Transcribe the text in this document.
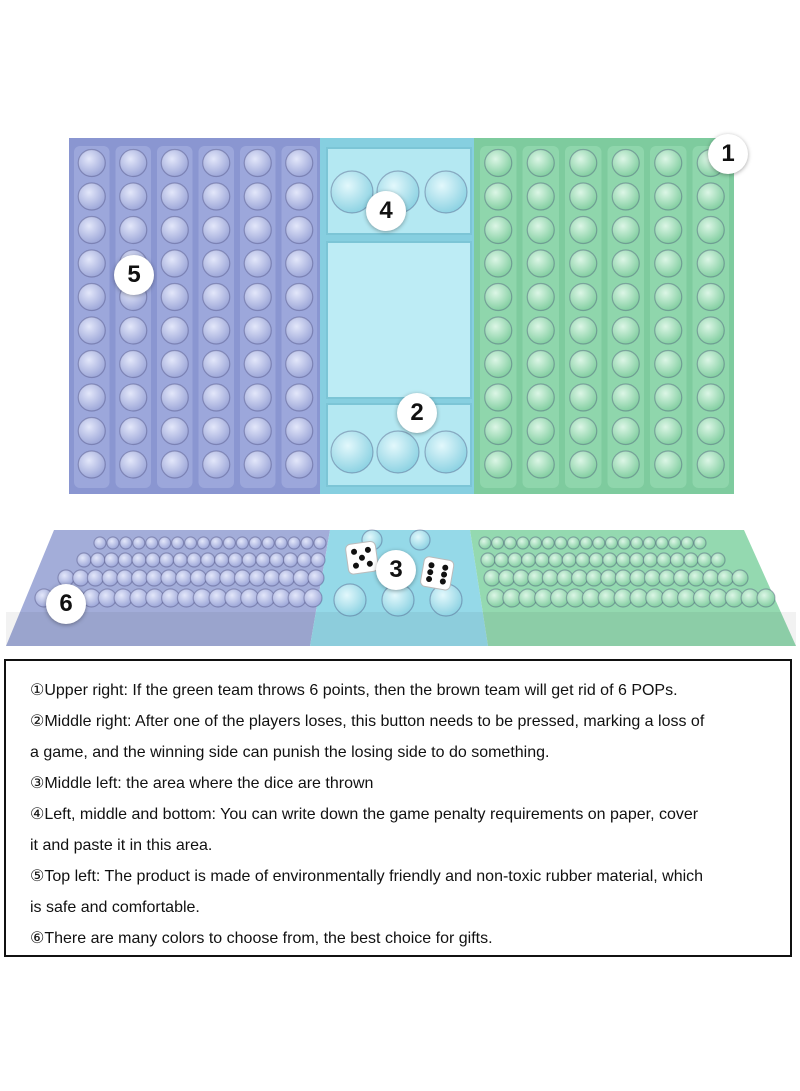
1
2
3
4
5
6

①Upper right: If the green team throws 6 points, then the brown team will get rid of 6 POPs.

②Middle right: After one of the players loses, this button needs to be pressed, marking a loss of

a game, and the winning side can punish the losing side to do something.

③Middle left: the area where the dice are thrown

④Left, middle and bottom: You can write down the game penalty requirements on paper, cover

it and paste it in this area.

⑤Top left: The product is made of environmentally friendly and non-toxic rubber material, which

is safe and comfortable.

⑥There are many colors to choose from, the best choice for gifts.
